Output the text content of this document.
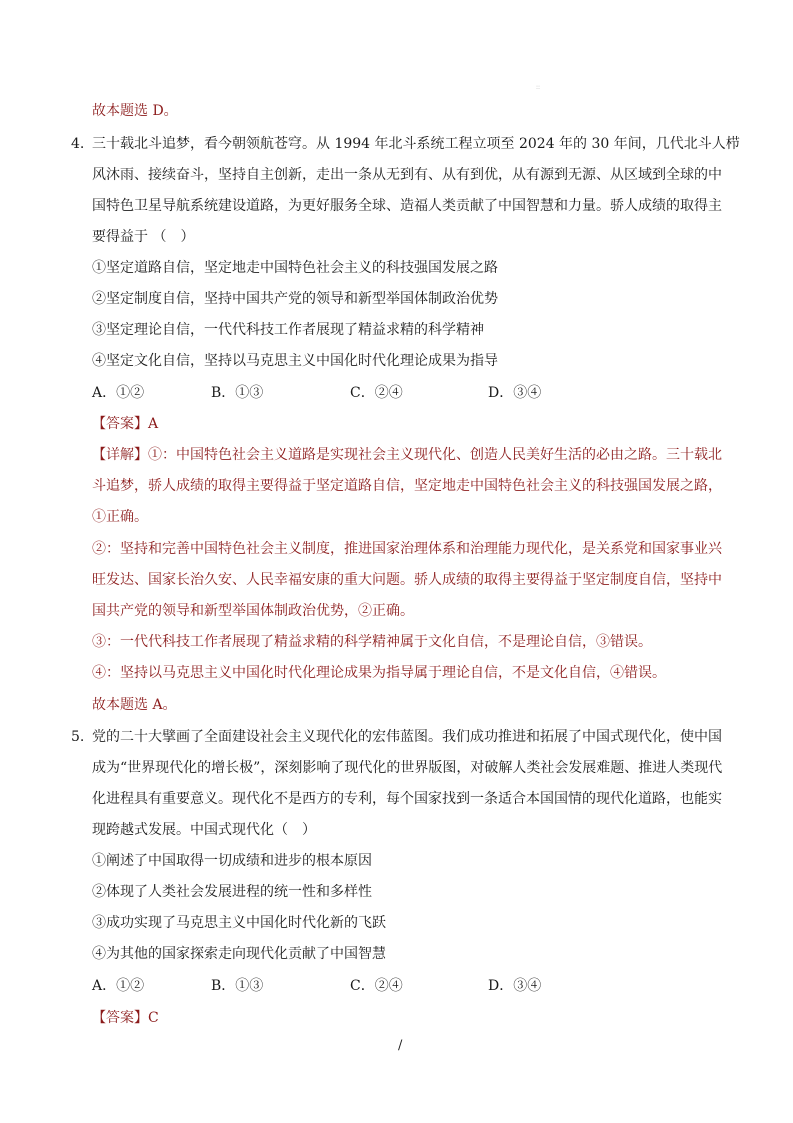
::
故本题选 D。
4. 三十载北斗追梦，看今朝领航苍穹。从 1994 年北斗系统工程立项至 2024 年的 30 年间，几代北斗人栉
风沐雨、接续奋斗，坚持自主创新，走出一条从无到有、从有到优，从有源到无源、从区域到全球的中
国特色卫星导航系统建设道路，为更好服务全球、造福人类贡献了中国智慧和力量。骄人成绩的取得主
要得益于 （　）
①坚定道路自信，坚定地走中国特色社会主义的科技强国发展之路
②坚定制度自信，坚持中国共产党的领导和新型举国体制政治优势
③坚定理论自信，一代代科技工作者展现了精益求精的科学精神
④坚定文化自信，坚持以马克思主义中国化时代化理论成果为指导
A．①②	B．①③	C．②④	D．③④
【答案】A
【详解】①：中国特色社会主义道路是实现社会主义现代化、创造人民美好生活的必由之路。三十载北
斗追梦，骄人成绩的取得主要得益于坚定道路自信，坚定地走中国特色社会主义的科技强国发展之路，
①正确。
②：坚持和完善中国特色社会主义制度，推进国家治理体系和治理能力现代化，是关系党和国家事业兴
旺发达、国家长治久安、人民幸福安康的重大问题。骄人成绩的取得主要得益于坚定制度自信，坚持中
国共产党的领导和新型举国体制政治优势，②正确。
③：一代代科技工作者展现了精益求精的科学精神属于文化自信，不是理论自信，③错误。
④：坚持以马克思主义中国化时代化理论成果为指导属于理论自信，不是文化自信，④错误。
故本题选 A。
5. 党的二十大擘画了全面建设社会主义现代化的宏伟蓝图。我们成功推进和拓展了中国式现代化，使中国
成为“世界现代化的增长极”，深刻影响了现代化的世界版图，对破解人类社会发展难题、推进人类现代
化进程具有重要意义。现代化不是西方的专利，每个国家找到一条适合本国国情的现代化道路，也能实
现跨越式发展。中国式现代化（　）
①阐述了中国取得一切成绩和进步的根本原因
②体现了人类社会发展进程的统一性和多样性
③成功实现了马克思主义中国化时代化新的飞跃
④为其他的国家探索走向现代化贡献了中国智慧
A．①②	B．①③	C．②④	D．③④
【答案】C
/
